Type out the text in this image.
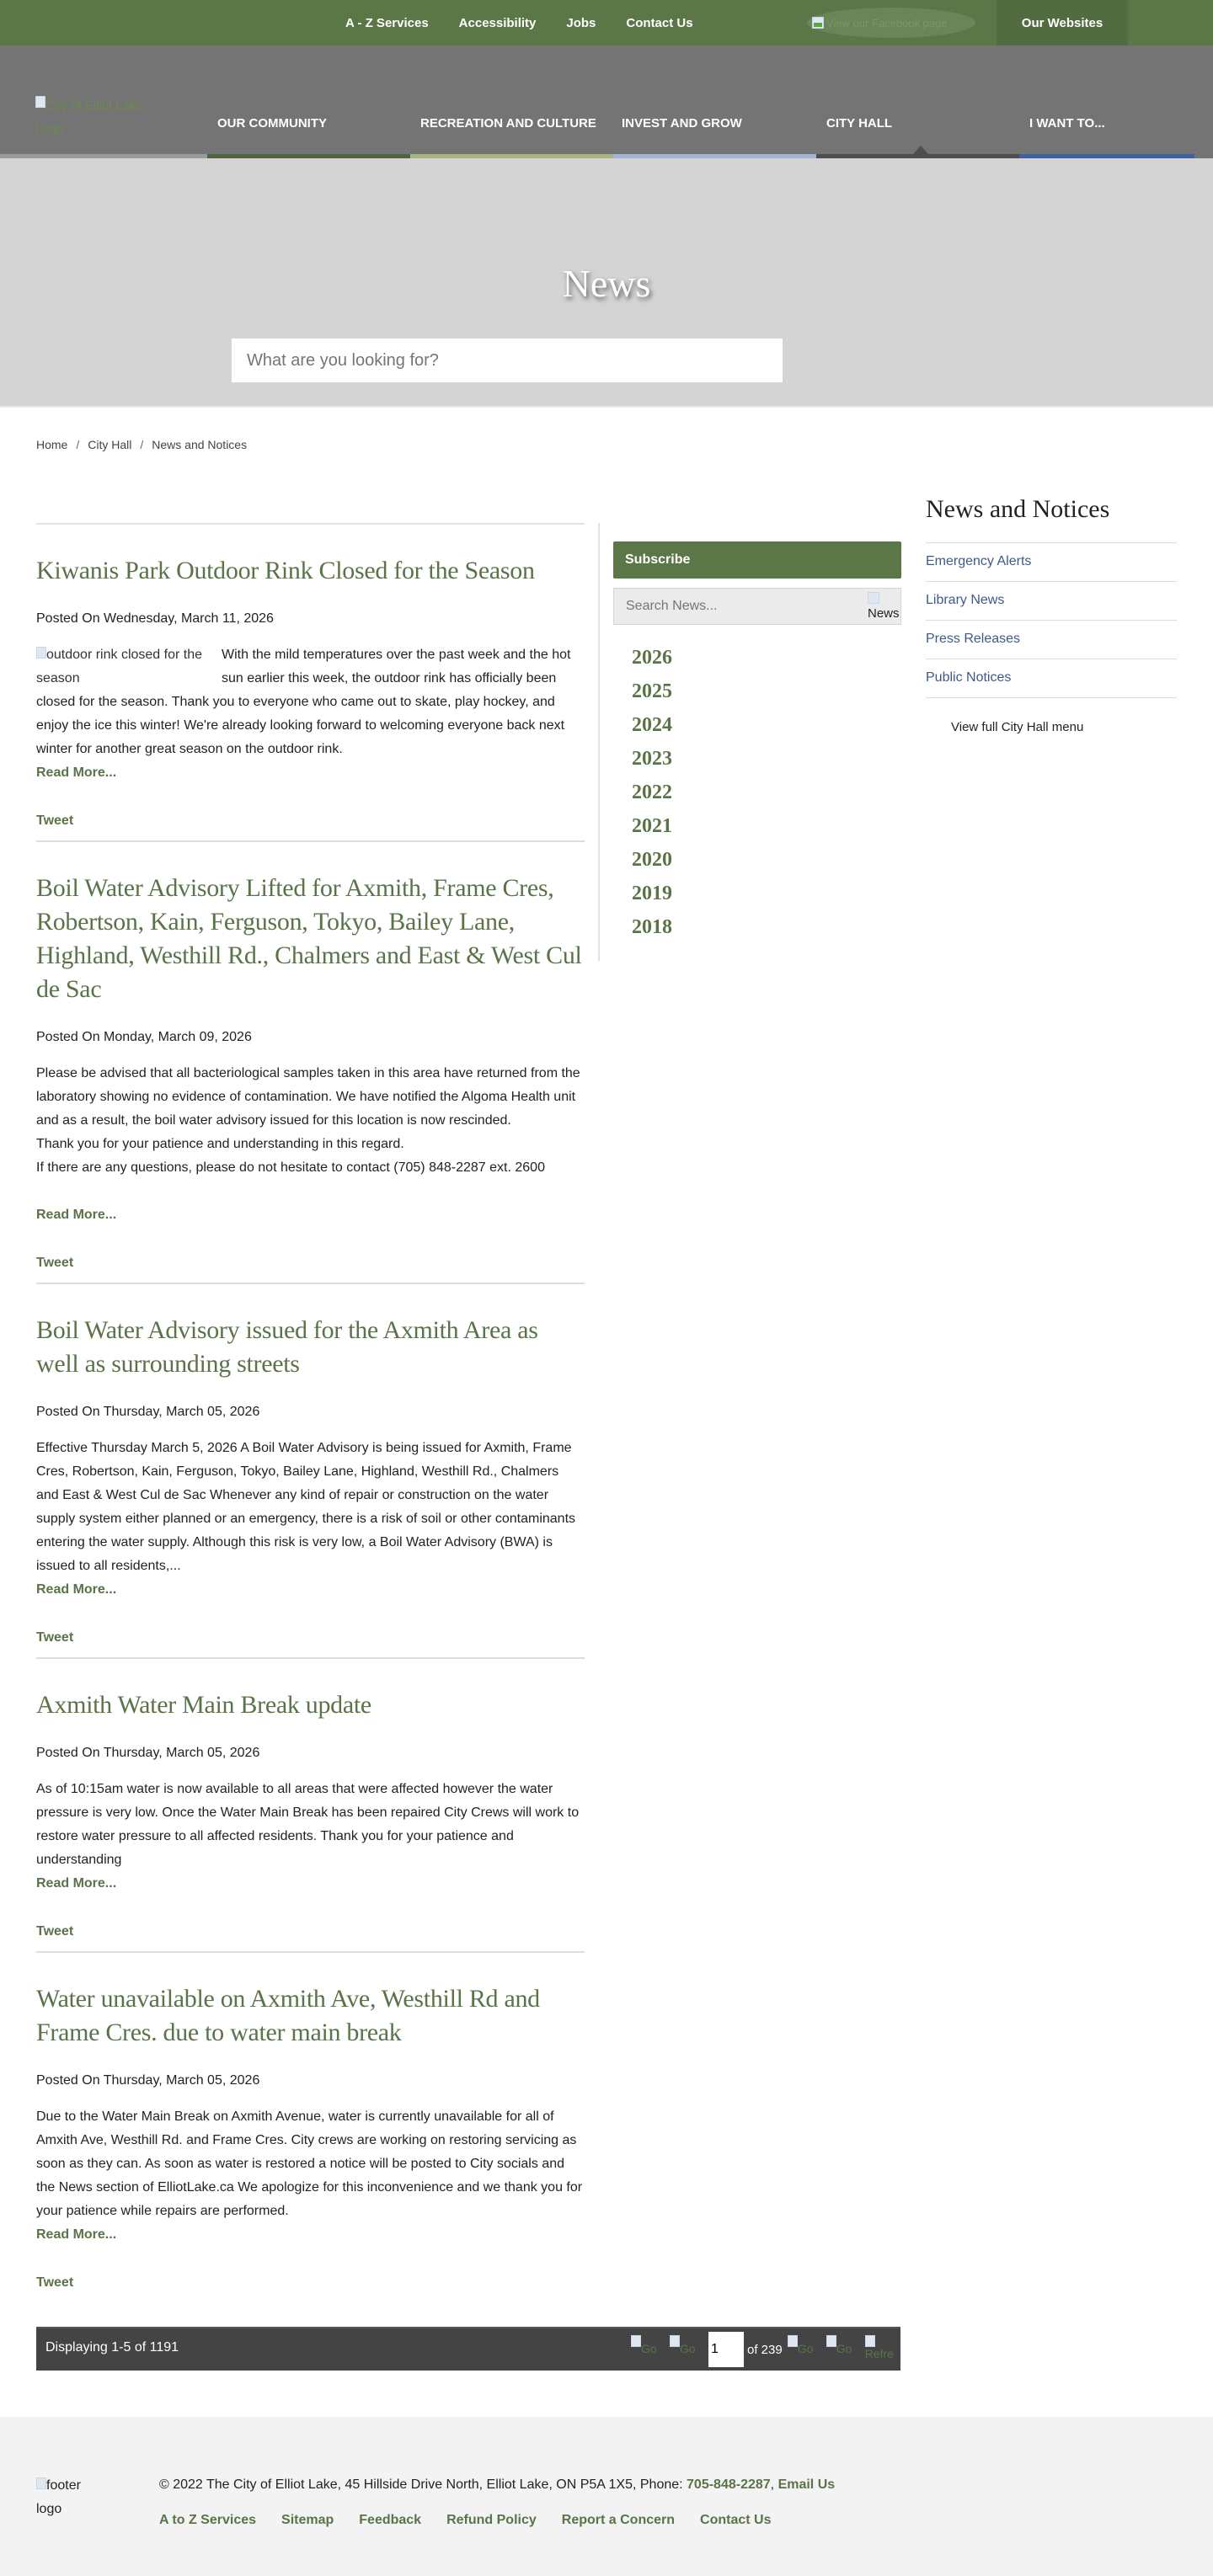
A - Z Services Accessibility Jobs Contact Us	View our Facebook page	Our Websites
City of Elliot Lake Logo	OUR COMMUNITY	RECREATION AND CULTURE INVEST AND GROW	CITY HALL	I WANT TO...
News
What are you looking for?
Home / City Hall / News and Notices
Kiwanis Park Outdoor Rink Closed for the Season
Posted On Wednesday, March 11, 2026
outdoor rink closed for the season
With the mild temperatures over the past week and the hot sun earlier this week, the outdoor rink has officially been closed for the season. Thank you to everyone who came out to skate, play hockey, and enjoy the ice this winter! We're already looking forward to welcoming everyone back next winter for another great season on the outdoor rink.
Read More...
Tweet
Boil Water Advisory Lifted for Axmith, Frame Cres, Robertson, Kain, Ferguson, Tokyo, Bailey Lane, Highland, Westhill Rd., Chalmers and East & West Cul de Sac
Posted On Monday, March 09, 2026
Please be advised that all bacteriological samples taken in this area have returned from the laboratory showing no evidence of contamination. We have notified the Algoma Health unit and as a result, the boil water advisory issued for this location is now rescinded.
Thank you for your patience and understanding in this regard.
If there are any questions, please do not hesitate to contact (705) 848-2287 ext. 2600
Read More...
Tweet
Boil Water Advisory issued for the Axmith Area as well as surrounding streets
Posted On Thursday, March 05, 2026
Effective Thursday March 5, 2026 A Boil Water Advisory is being issued for Axmith, Frame Cres, Robertson, Kain, Ferguson, Tokyo, Bailey Lane, Highland, Westhill Rd., Chalmers and East & West Cul de Sac Whenever any kind of repair or construction on the water supply system either planned or an emergency, there is a risk of soil or other contaminants entering the water supply. Although this risk is very low, a Boil Water Advisory (BWA) is issued to all residents,...
Read More...
Tweet
Axmith Water Main Break update
Posted On Thursday, March 05, 2026
As of 10:15am water is now available to all areas that were affected however the water pressure is very low. Once the Water Main Break has been repaired City Crews will work to restore water pressure to all affected residents. Thank you for your patience and understanding
Read More...
Tweet
Water unavailable on Axmith Ave, Westhill Rd and Frame Cres. due to water main break
Posted On Thursday, March 05, 2026
Due to the Water Main Break on Axmith Avenue, water is currently unavailable for all of Amxith Ave, Westhill Rd. and Frame Cres. City crews are working on restoring servicing as soon as they can. As soon as water is restored a notice will be posted to City socials and the News section of ElliotLake.ca We apologize for this inconvenience and we thank you for your patience while repairs are performed.
Read More...
Tweet
Subscribe
Search News...
News
2026
2025
2024
2023
2022
2021
2020
2019
2018
News and Notices
Emergency Alerts
Library News
Press Releases
Public Notices
View full City Hall menu
Displaying 1-5 of 1191	Go	Go
1	of 239	Go	Go	Refre
footer logo
© 2022 The City of Elliot Lake, 45 Hillside Drive North, Elliot Lake, ON P5A 1X5, Phone: 705-848-2287, Email Us
A to Z Services Sitemap Feedback Refund Policy Report a Concern Contact Us
